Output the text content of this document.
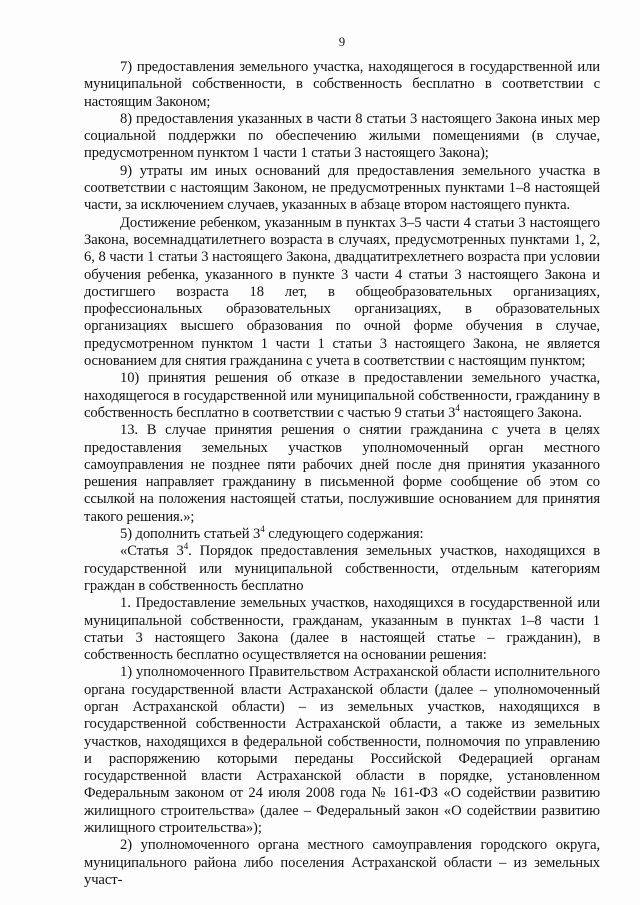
9

7) предоставления земельного участка, находящегося в государственной или муниципальной собственности, в собственность бесплатно в соответствии с настоящим Законом;

8) предоставления указанных в части 8 статьи 3 настоящего Закона иных мер социальной поддержки по обеспечению жилыми помещениями (в случае, предусмотренном пунктом 1 части 1 статьи 3 настоящего Закона);

9) утраты им иных оснований для предоставления земельного участка в соответствии с настоящим Законом, не предусмотренных пунктами 1–8 настоящей части, за исключением случаев, указанных в абзаце втором настоящего пункта.

Достижение ребенком, указанным в пунктах 3–5 части 4 статьи 3 настоящего Закона, восемнадцатилетнего возраста в случаях, предусмотренных пунктами 1, 2, 6, 8 части 1 статьи 3 настоящего Закона, двадцатитрехлетнего возраста при условии обучения ребенка, указанного в пункте 3 части 4 статьи 3 настоящего Закона и достигшего возраста 18 лет, в общеобразовательных организациях, профессиональных образовательных организациях, в образовательных организациях высшего образования по очной форме обучения в случае, предусмотренном пунктом 1 части 1 статьи 3 настоящего Закона, не является основанием для снятия гражданина с учета в соответствии с настоящим пунктом;

10) принятия решения об отказе в предоставлении земельного участка, находящегося в государственной или муниципальной собственности, гражданину в собственность бесплатно в соответствии с частью 9 статьи $3^4$ настоящего Закона.

13. В случае принятия решения о снятии гражданина с учета в целях предоставления земельных участков уполномоченный орган местного самоуправления не позднее пяти рабочих дней после дня принятия указанного решения направляет гражданину в письменной форме сообщение об этом со ссылкой на положения настоящей статьи, послужившие основанием для принятия такого решения.»;

5) дополнить статьей $3^4$ следующего содержания:

«Статья $3^4$. Порядок предоставления земельных участков, находящихся в государственной или муниципальной собственности, отдельным категориям граждан в собственность бесплатно

1. Предоставление земельных участков, находящихся в государственной или муниципальной собственности, гражданам, указанным в пунктах 1–8 части 1 статьи 3 настоящего Закона (далее в настоящей статье – гражданин), в собственность бесплатно осуществляется на основании решения:

1) уполномоченного Правительством Астраханской области исполнительного органа государственной власти Астраханской области (далее – уполномоченный орган Астраханской области) – из земельных участков, находящихся в государственной собственности Астраханской области, а также из земельных участков, находящихся в федеральной собственности, полномочия по управлению и распоряжению которыми переданы Российской Федерацией органам государственной власти Астраханской области в порядке, установленном Федеральным законом от 24 июля 2008 года № 161-ФЗ «О содействии развитию жилищного строительства» (далее – Федеральный закон «О содействии развитию жилищного строительства»);

2) уполномоченного органа местного самоуправления городского округа, муниципального района либо поселения Астраханской области – из земельных участ-
